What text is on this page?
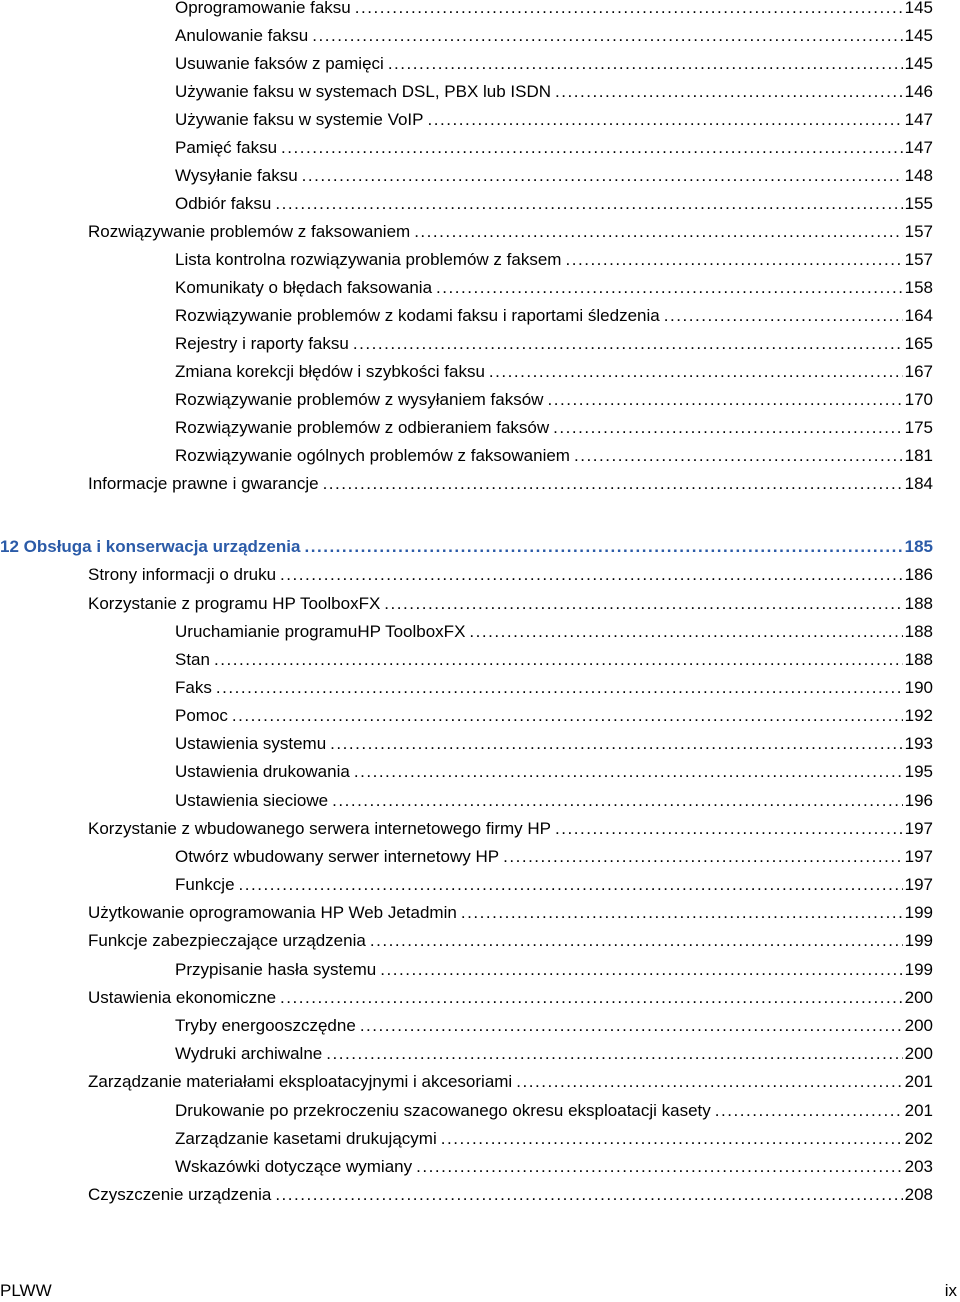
Oprogramowanie faksu . . .	145
Anulowanie faksu . . .	145
Usuwanie faksów z pamięci . . .	145
Używanie faksu w systemach DSL, PBX lub ISDN . . .	146
Używanie faksu w systemie VoIP . . .	147
Pamięć faksu . . .	147
Wysyłanie faksu . . .	148
Odbiór faksu . . .	155
Rozwiązywanie problemów z faksowaniem . . .	157
Lista kontrolna rozwiązywania problemów z faksem . . .	157
Komunikaty o błędach faksowania . . .	158
Rozwiązywanie problemów z kodami faksu i raportami śledzenia . . .	164
Rejestry i raporty faksu . . .	165
Zmiana korekcji błędów i szybkości faksu . . .	167
Rozwiązywanie problemów z wysyłaniem faksów . . .	170
Rozwiązywanie problemów z odbieraniem faksów . . .	175
Rozwiązywanie ogólnych problemów z faksowaniem . . .	181
Informacje prawne i gwarancje . . .	184
12 Obsługa i konserwacja urządzenia . . .	185
Strony informacji o druku . . .	186
Korzystanie z programu HP ToolboxFX . . .	188
Uruchamianie programuHP ToolboxFX . . .	188
Stan . . .	188
Faks . . .	190
Pomoc . . .	192
Ustawienia systemu . . .	193
Ustawienia drukowania . . .	195
Ustawienia sieciowe . . .	196
Korzystanie z wbudowanego serwera internetowego firmy HP . . .	197
Otwórz wbudowany serwer internetowy HP . . .	197
Funkcje . . .	197
Użytkowanie oprogramowania HP Web Jetadmin . . .	199
Funkcje zabezpieczające urządzenia . . .	199
Przypisanie hasła systemu . . .	199
Ustawienia ekonomiczne . . .	200
Tryby energooszczędne . . .	200
Wydruki archiwalne . . .	200
Zarządzanie materiałami eksploatacyjnymi i akcesoriami . . .	201
Drukowanie po przekroczeniu szacowanego okresu eksploatacji kasety . . .	201
Zarządzanie kasetami drukującymi . . .	202
Wskazówki dotyczące wymiany . . .	203
Czyszczenie urządzenia . . .	208
PLWW	ix
